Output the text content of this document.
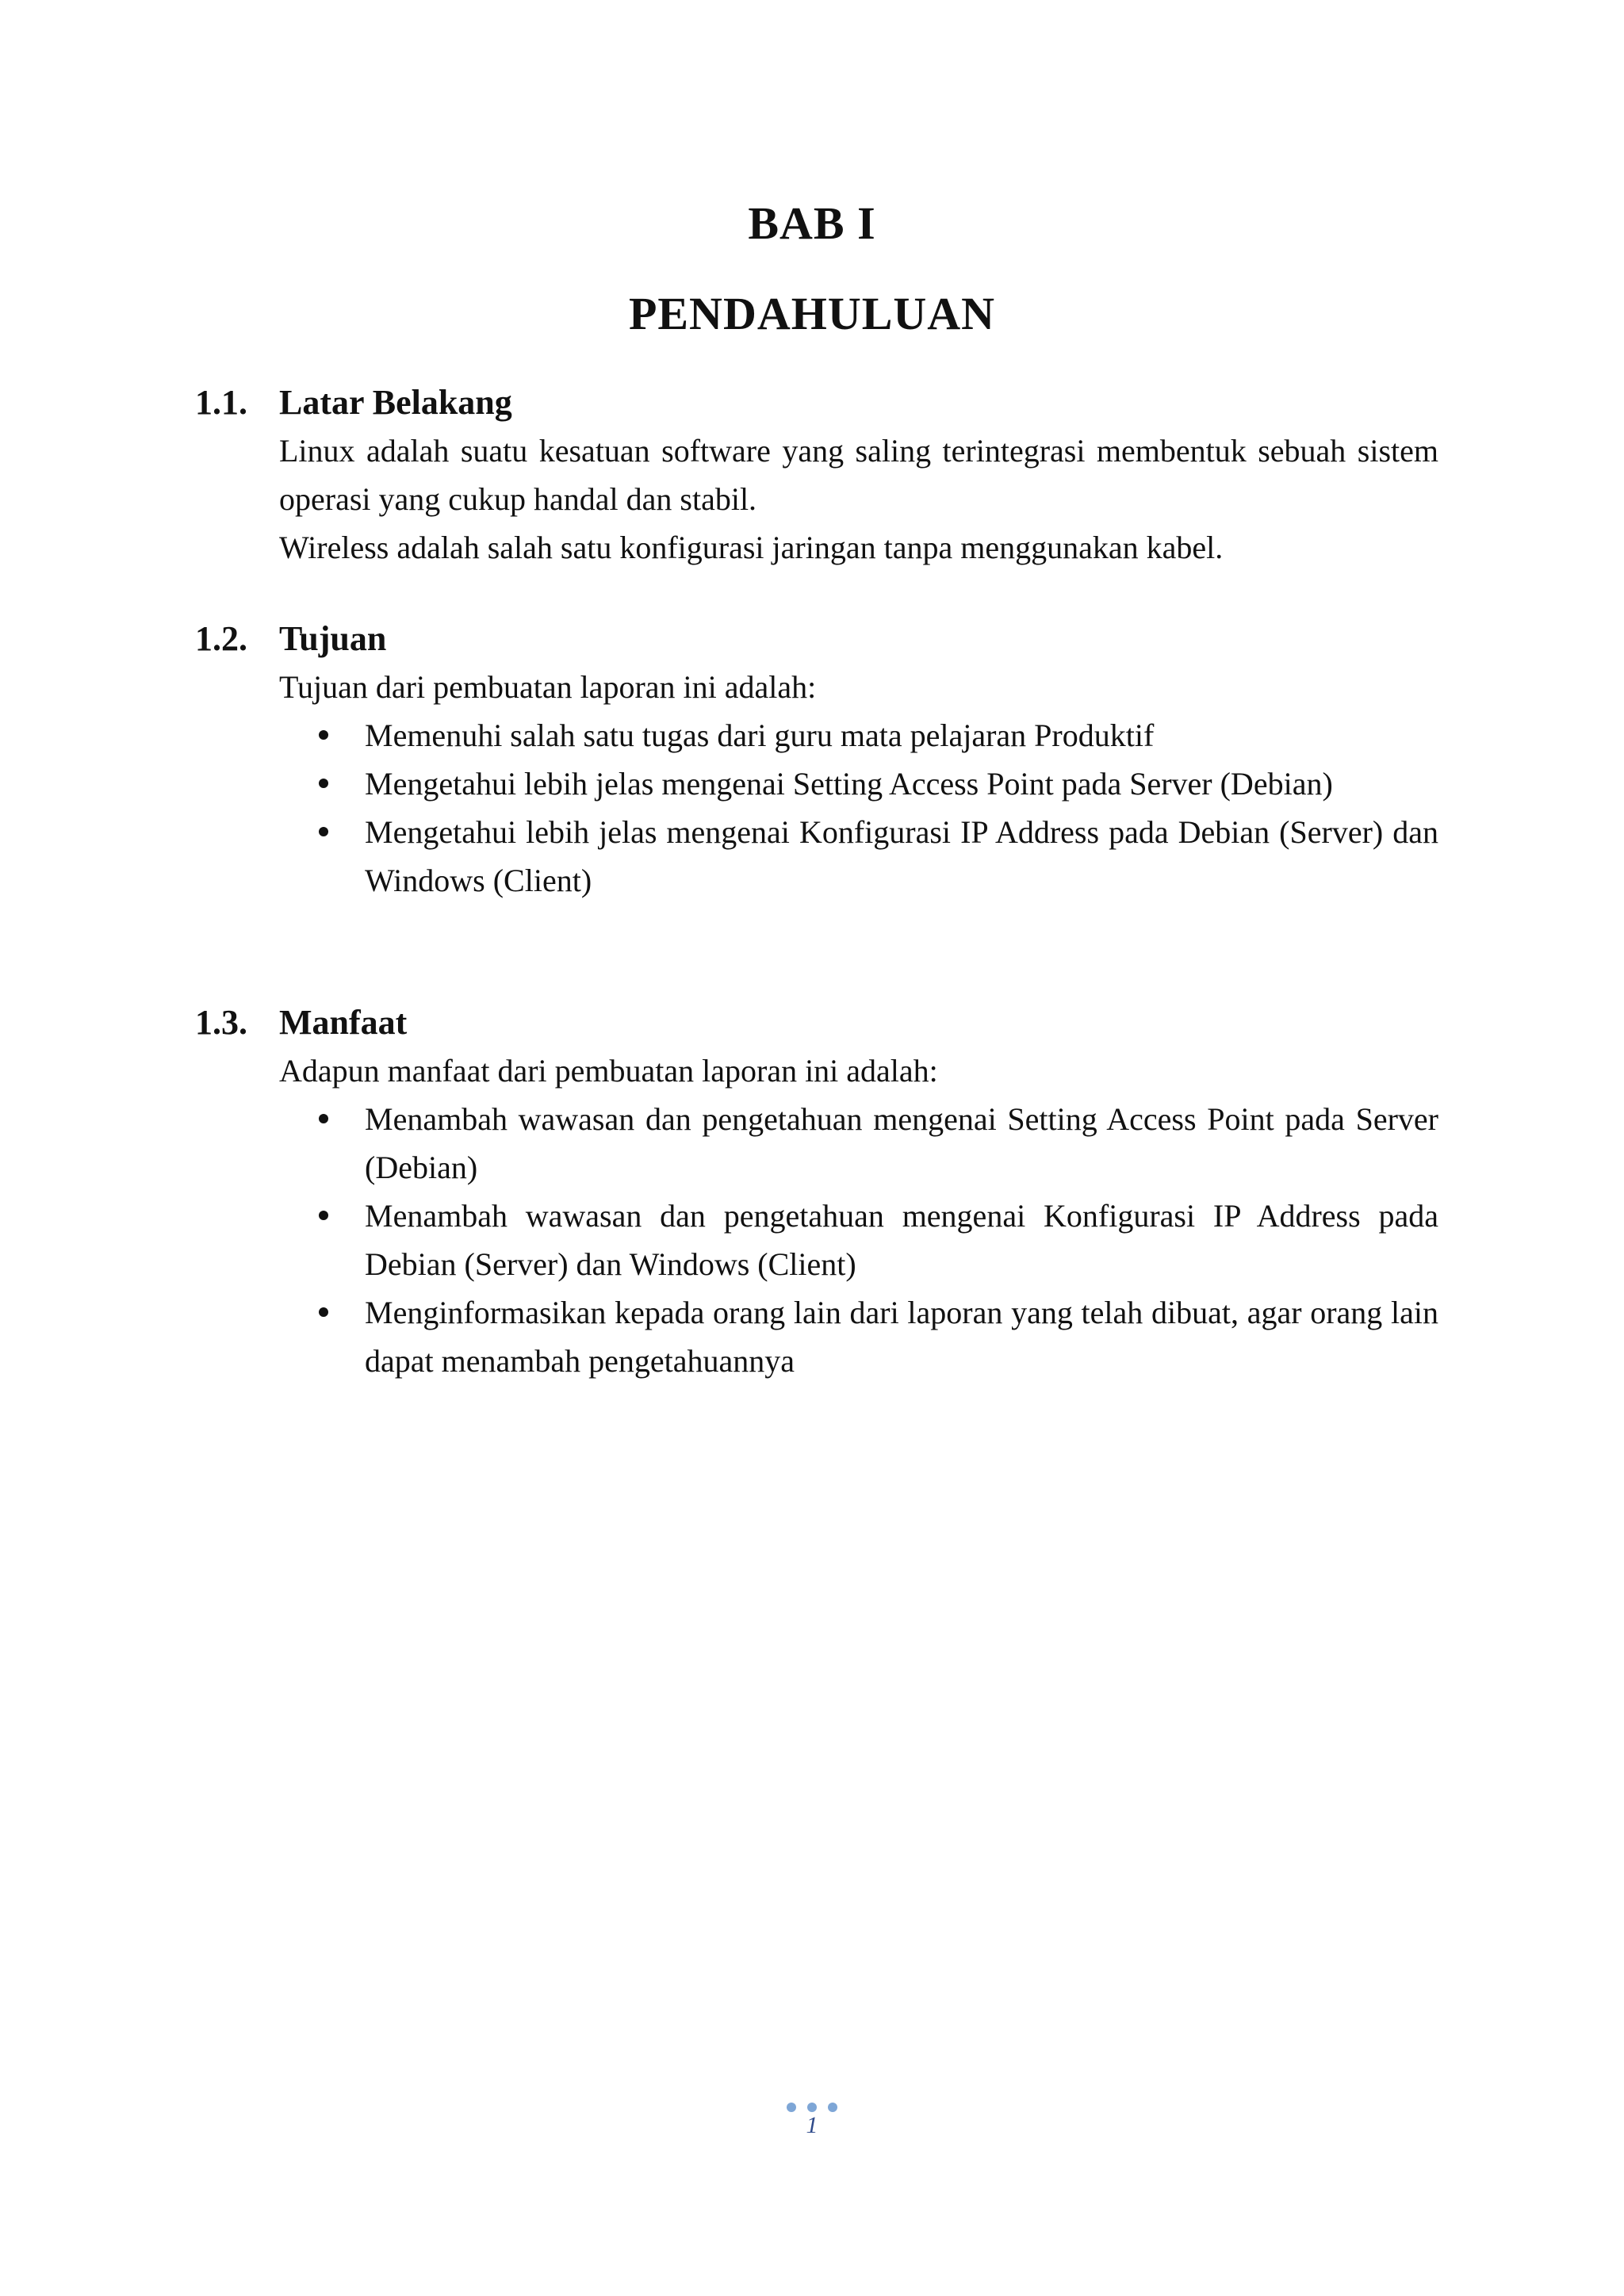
BAB I
PENDAHULUAN
1.1. Latar Belakang

Linux adalah suatu kesatuan software yang saling terintegrasi membentuk sebuah sistem operasi yang cukup handal dan stabil.

Wireless adalah salah satu konfigurasi jaringan tanpa menggunakan kabel.

1.2. Tujuan

Tujuan dari pembuatan laporan ini adalah:

Memenuhi salah satu tugas dari guru mata pelajaran Produktif
Mengetahui lebih jelas mengenai Setting Access Point pada Server (Debian)
Mengetahui lebih jelas mengenai Konfigurasi IP Address pada Debian (Server) dan Windows (Client)
1.3. Manfaat

Adapun manfaat dari pembuatan laporan ini adalah:

Menambah wawasan dan pengetahuan mengenai Setting Access Point pada Server (Debian)
Menambah wawasan dan pengetahuan mengenai Konfigurasi IP Address pada Debian (Server) dan Windows (Client)
Menginformasikan kepada orang lain dari laporan yang telah dibuat, agar orang lain dapat menambah pengetahuannya
1
